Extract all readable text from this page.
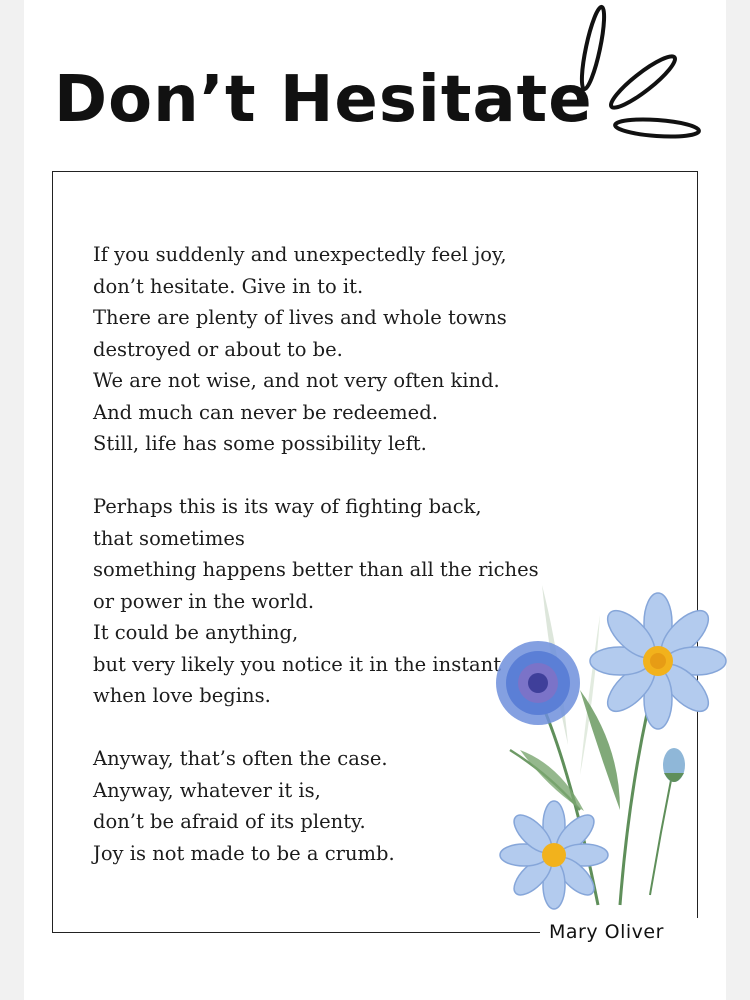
Don’t Hesitate

If you suddenly and unexpectedly feel joy,
don’t hesitate. Give in to it.
There are plenty of lives and whole towns
destroyed or about to be.
We are not wise, and not very often kind.
And much can never be redeemed.
Still, life has some possibility left.

Perhaps this is its way of fighting back,
that sometimes
something happens better than all the riches
or power in the world.
It could be anything,
but very likely you notice it in the instant
when love begins.

Anyway, that’s often the case.
Anyway, whatever it is,
don’t be afraid of its plenty.
Joy is not made to be a crumb.

Mary Oliver
